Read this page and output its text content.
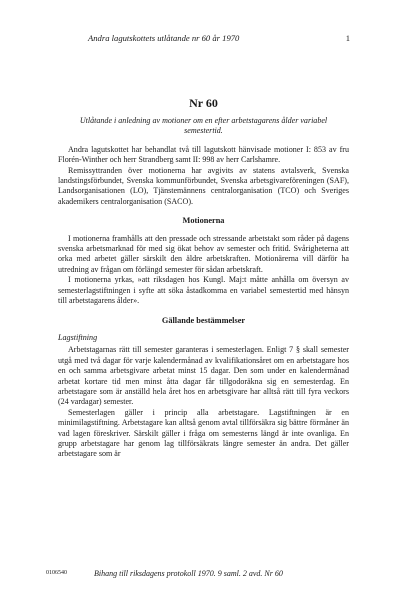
Andra lagutskottets utlåtande nr 60 år 1970	1
Nr 60
Utlåtande i anledning av motioner om en efter arbetstagarens ålder variabel semestertid.

Andra lagutskottet har behandlat två till lagutskott hänvisade motioner I: 853 av fru Florén-Winther och herr Strandberg samt II: 998 av herr Carlshamre.

Remissyttranden över motionerna har avgivits av statens avtalsverk, Svenska landstingsförbundet, Svenska kommunförbundet, Svenska arbetsgivareföreningen (SAF), Landsorganisationen (LO), Tjänstemännens centralorganisation (TCO) och Sveriges akademikers centralorganisation (SACO).

Motionerna

I motionerna framhålls att den pressade och stressande arbetstakt som råder på dagens svenska arbetsmarknad för med sig ökat behov av semester och fritid. Svårigheterna att orka med arbetet gäller särskilt den äldre arbetskraften. Motionärerna vill därför ha utredning av frågan om förlängd semester för sådan arbetskraft.

I motionerna yrkas, »att riksdagen hos Kungl. Maj:t måtte anhålla om översyn av semesterlagstiftningen i syfte att söka åstadkomma en variabel semestertid med hänsyn till arbetstagarens ålder».

Gällande bestämmelser
Lagstiftning

Arbetstagarnas rätt till semester garanteras i semesterlagen. Enligt 7 § skall semester utgå med två dagar för varje kalendermånad av kvalifikationsåret om en arbetstagare hos en och samma arbetsgivare arbetat minst 15 dagar. Den som under en kalendermånad arbetat kortare tid men minst åtta dagar får tillgodoräkna sig en semesterdag. En arbetstagare som är anställd hela året hos en arbetsgivare har alltså rätt till fyra veckors (24 vardagar) semester.

Semesterlagen gäller i princip alla arbetstagare. Lagstiftningen är en minimilagstiftning. Arbetstagare kan alltså genom avtal tillförsäkra sig bättre förmåner än vad lagen föreskriver. Särskilt gäller i fråga om semesterns längd är inte ovanliga. En grupp arbetstagare har genom lag tillförsäkrats längre semester än andra. Det gäller arbetstagare som är

0106540	Bihang till riksdagens protokoll 1970. 9 saml. 2 avd. Nr 60
